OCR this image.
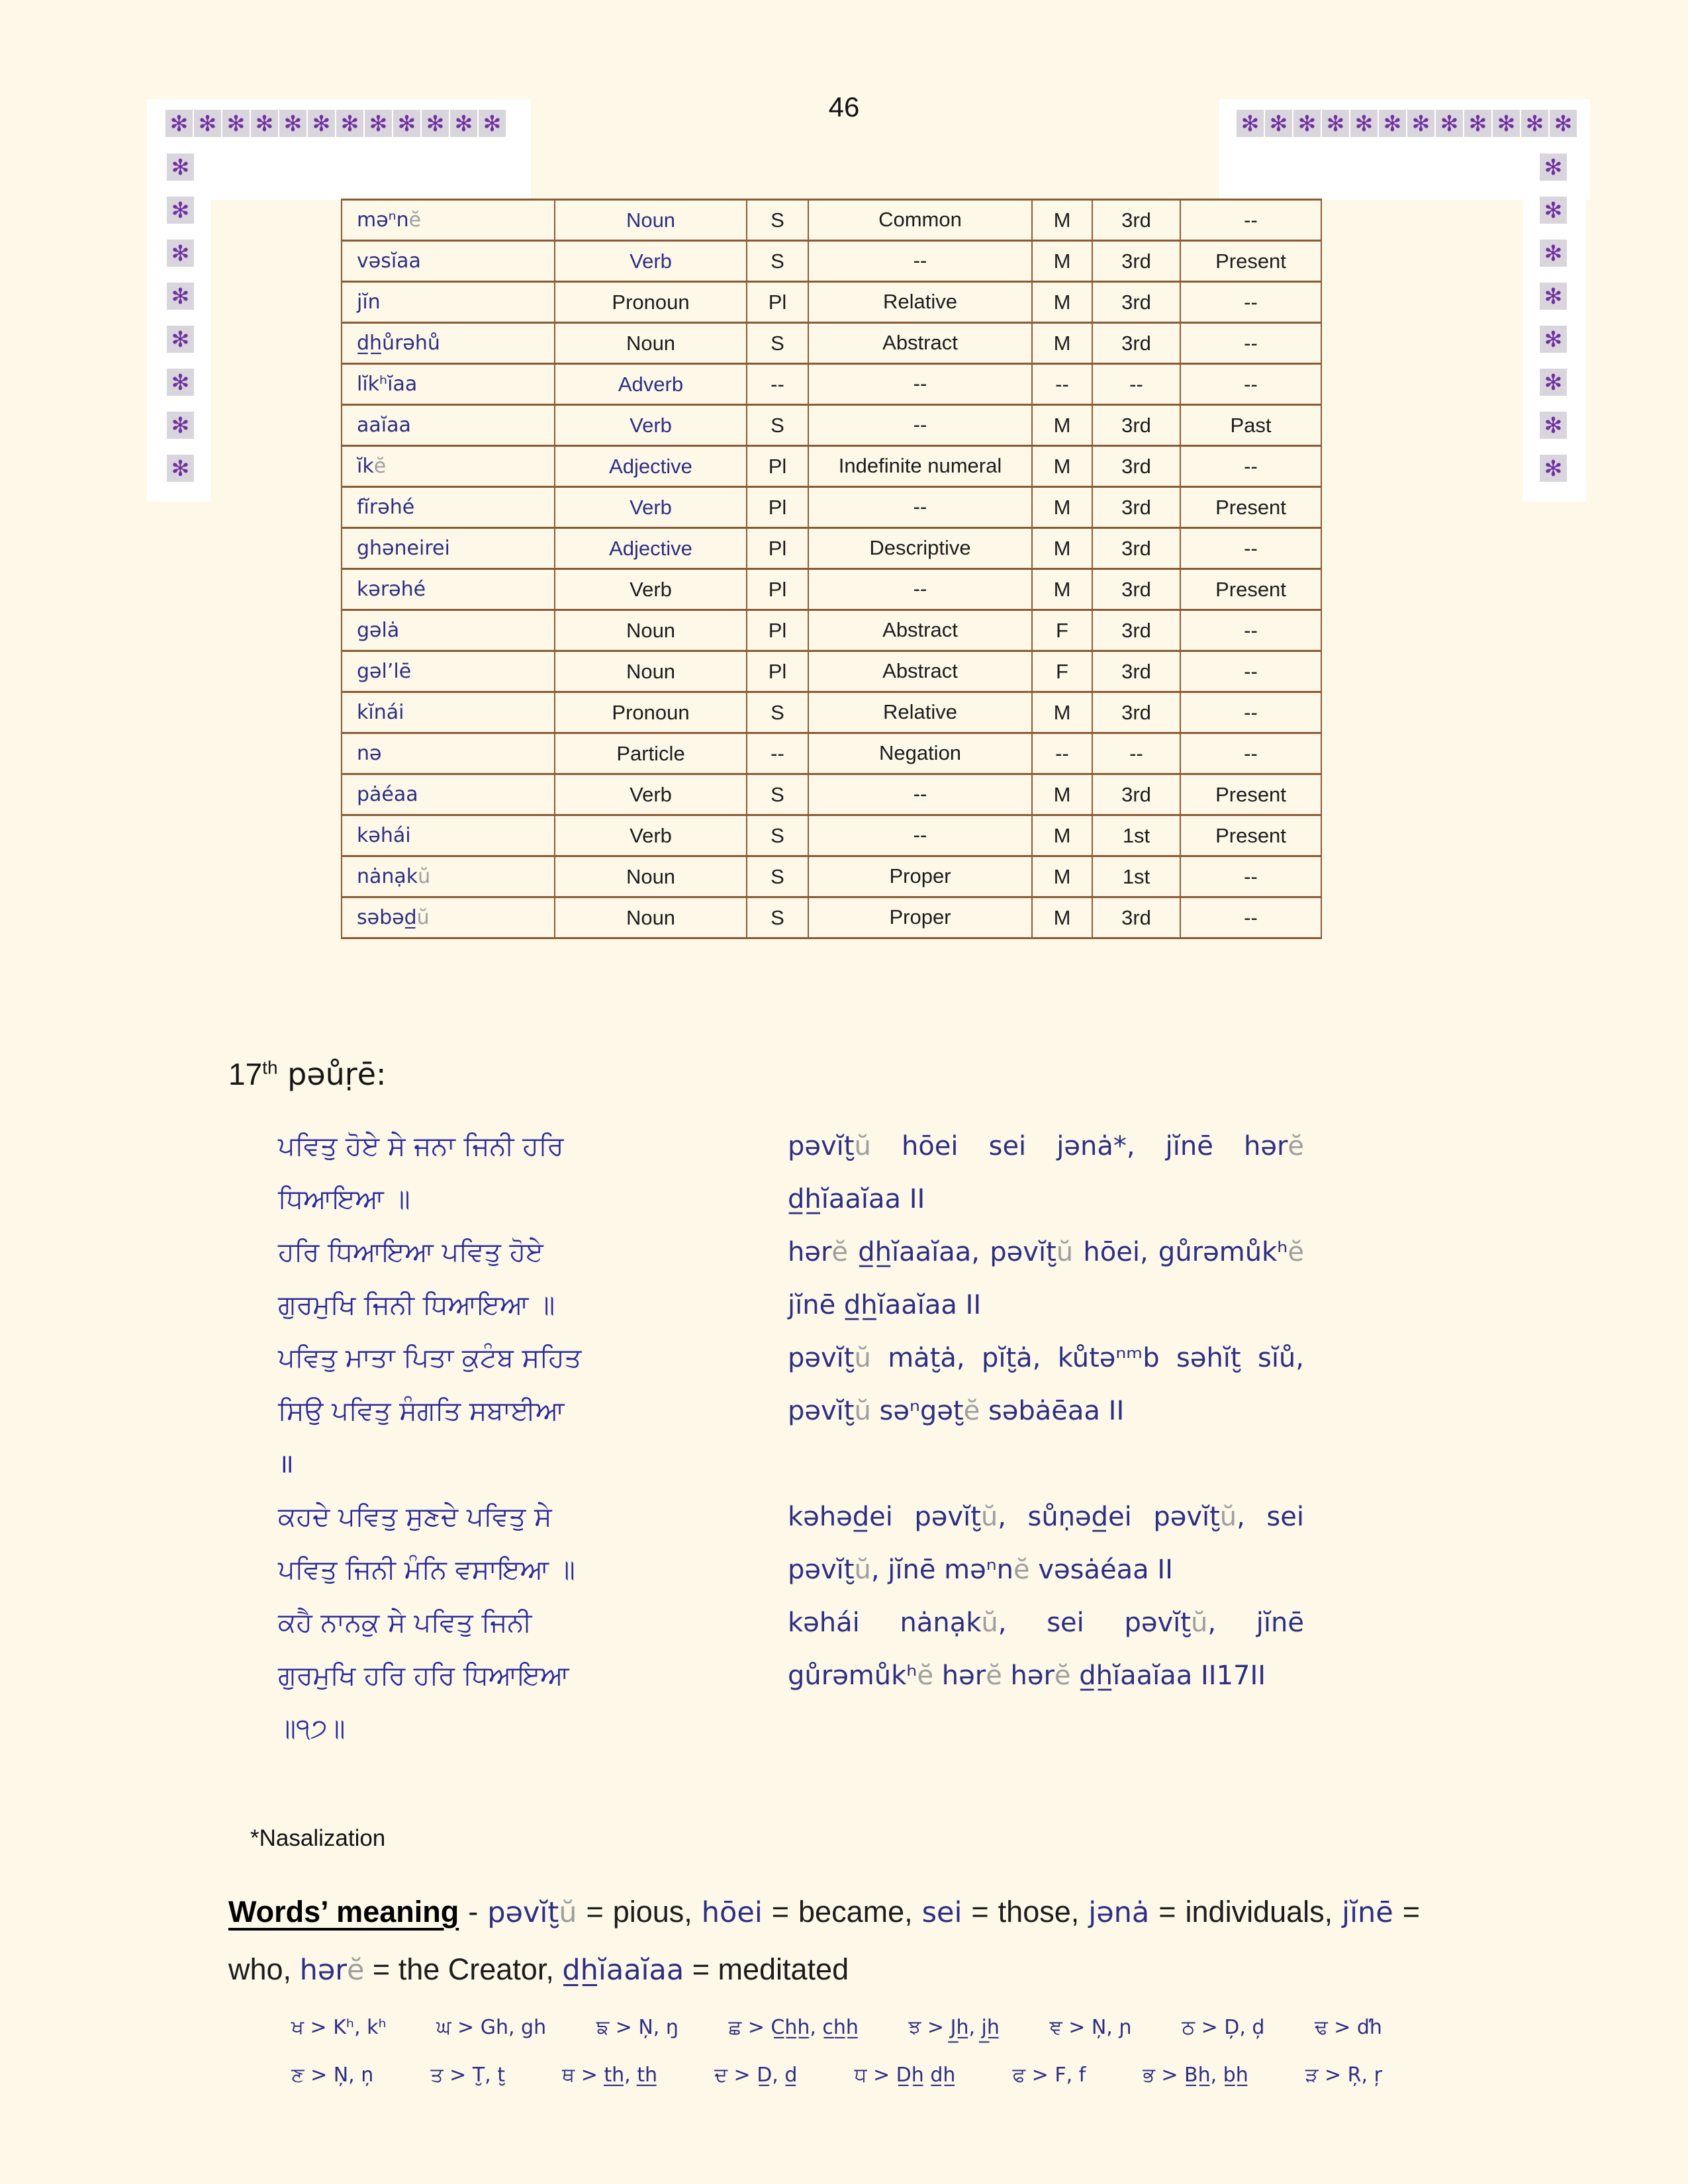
✻ ✻ ✻ ✻ ✻ ✻ ✻ ✻ ✻ ✻ ✻ ✻	✻ ✻ ✻ ✻ ✻ ✻ ✻ ✻ ✻ ✻ ✻ ✻
✻
✻
✻
✻
✻
✻
✻
✻
✻
✻
✻
✻
✻
✻
✻
✻
46
məⁿnĕ	Noun	S	Common	M	3rd	--
vəsĭaa	Verb	S	--	M	3rd	Present
jĭn	Pronoun	Pl	Relative	M	3rd	--
d̲h̲ůrəhů	Noun	S	Abstract	M	3rd	--
lĭkʰĭaa	Adverb	--	--	--	--	--
aaĭaa	Verb	S	--	M	3rd	Past
ĭkĕ	Adjective	Pl	Indefinite numeral	M	3rd	--
fĭrəhé	Verb	Pl	--	M	3rd	Present
ghəneirei	Adjective	Pl	Descriptive	M	3rd	--
kərəhé	Verb	Pl	--	M	3rd	Present
gəlȧ	Noun	Pl	Abstract	F	3rd	--
gəl’lē	Noun	Pl	Abstract	F	3rd	--
kĭnái	Pronoun	S	Relative	M	3rd	--
nə	Particle	--	Negation	--	--	--
pȧéaa	Verb	S	--	M	3rd	Present
kəhái	Verb	S	--	M	1st	Present
nȧnạkŭ	Noun	S	Proper	M	1st	--
səbəd̲ŭ	Noun	S	Proper	M	3rd	--
17th pəůṛē:
ਪਵਿਤੁ ਹੋਏ ਸੇ ਜਨਾ ਜਿਨੀ ਹਰਿ
ਧਿਆਇਆ ॥
pəvĭt̮ŭ hōei sei jənȧ*, jĭnē hərĕ d̲h̲ĭaaĭaa II
ਹਰਿ ਧਿਆਇਆ ਪਵਿਤੁ ਹੋਏ
ਗੁਰਮੁਖਿ ਜਿਨੀ ਧਿਆਇਆ ॥
hərĕ d̲h̲ĭaaĭaa, pəvĭt̮ŭ hōei, gůrəmůkʰĕ jĭnē d̲h̲ĭaaĭaa II
ਪਵਿਤੁ ਮਾਤਾ ਪਿਤਾ ਕੁਟੰਬ ਸਹਿਤ
ਸਿਉ ਪਵਿਤੁ ਸੰਗਤਿ ਸਬਾਈਆ
॥
pəvĭt̮ŭ mȧt̮ȧ, pĭt̮ȧ, kůtəⁿᵐb səhĭt̮ sĭů, pəvĭt̮ŭ səⁿgət̮ĕ səbȧēaa II
ਕਹਦੇ ਪਵਿਤੁ ਸੁਣਦੇ ਪਵਿਤੁ ਸੇ
ਪਵਿਤੁ ਜਿਨੀ ਮੰਨਿ ਵਸਾਇਆ ॥
kəhəd̲ei pəvĭt̮ŭ, sůṇəd̲ei pəvĭt̮ŭ, sei pəvĭt̮ŭ, jĭnē məⁿnĕ vəsȧéaa II
ਕਹੈ ਨਾਨਕੁ ਸੇ ਪਵਿਤੁ ਜਿਨੀ
ਗੁਰਮੁਖਿ ਹਰਿ ਹਰਿ ਧਿਆਇਆ
॥੧੭॥
kəhái nȧnạkŭ, sei pəvĭt̮ŭ, jĭnē gůrəmůkʰĕ hərĕ hərĕ d̲h̲ĭaaĭaa II17II
*Nasalization
Words’ meaning - pəvĭt̮ŭ = pious, hōei = became, sei = those, jənȧ = individuals, jĭnē = who, hərĕ = the Creator, d̲h̲ĭaaĭaa = meditated
ਖ > Kʰ, kʰ	ਘ > Gh, gh	ਙ > Ņ, ŋ	ਛ > C̲h̲h̲, c̲h̲h̲	ਝ > J̲h̲, j̲h̲	ਞ > Ņ, ɲ	ਠ > D̦, d̦	ਢ > ďh
ਣ > Ņ, ņ	ਤ > T̮, t̮	ਥ > t̲h̲, t̲h̲	ਦ > D̲, d̲	ਧ > D̲h̲ d̲h̲	ਫ > F, f	ਭ > B̲h̲, b̲h̲	ੜ > Ŗ, ŗ
